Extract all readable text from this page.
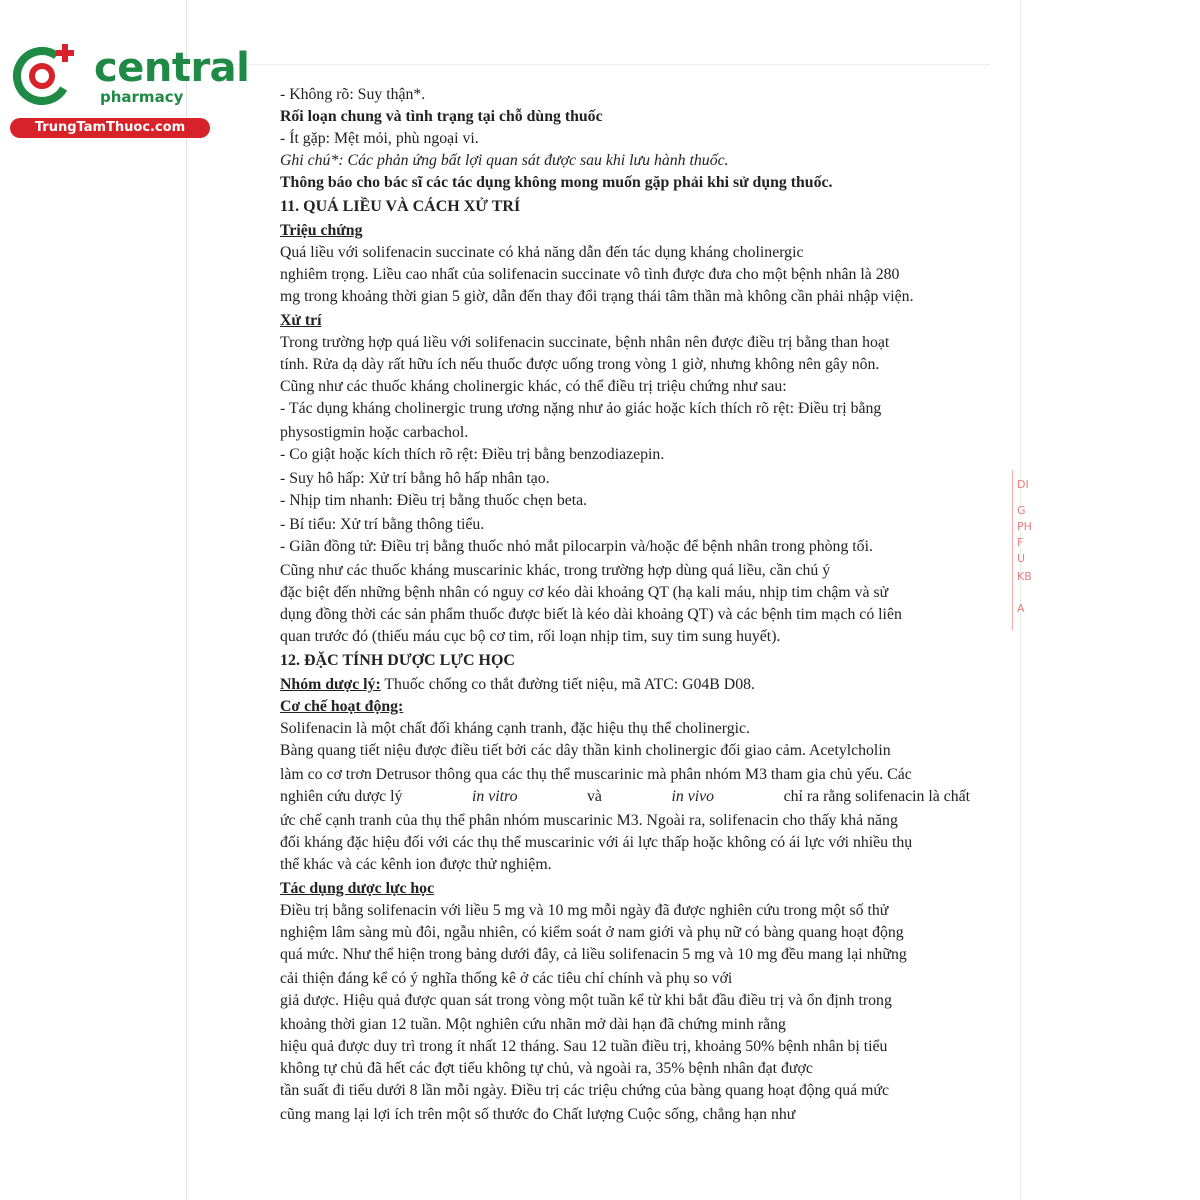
central
pharmacy
TrungTamThuoc.com
DI
G
PH
F
U
KB
A
- Không rõ: Suy thận*.
Rối loạn chung và tình trạng tại chỗ dùng thuốc
- Ít gặp: Mệt mỏi, phù ngoại vi.
Ghi chú*: Các phản ứng bất lợi quan sát được sau khi lưu hành thuốc.
Thông báo cho bác sĩ các tác dụng không mong muốn gặp phải khi sử dụng thuốc.
11. QUÁ LIỀU VÀ CÁCH XỬ TRÍ
Triệu chứng
Quá liều với solifenacin succinate có khả năng dẫn đến tác dụng kháng cholinergic
nghiêm trọng. Liều cao nhất của solifenacin succinate vô tình được đưa cho một bệnh nhân là 280
mg trong khoảng thời gian 5 giờ, dẫn đến thay đổi trạng thái tâm thần mà không cần phải nhập viện.
Xử trí
Trong trường hợp quá liều với solifenacin succinate, bệnh nhân nên được điều trị bằng than hoạt
tính. Rửa dạ dày rất hữu ích nếu thuốc được uống trong vòng 1 giờ, nhưng không nên gây nôn.
Cũng như các thuốc kháng cholinergic khác, có thể điều trị triệu chứng như sau:
- Tác dụng kháng cholinergic trung ương nặng như ảo giác hoặc kích thích rõ rệt: Điều trị bằng
physostigmin hoặc carbachol.
- Co giật hoặc kích thích rõ rệt: Điều trị bằng benzodiazepin.
- Suy hô hấp: Xử trí bằng hô hấp nhân tạo.
- Nhịp tim nhanh: Điều trị bằng thuốc chẹn beta.
- Bí tiểu: Xử trí bằng thông tiểu.
- Giãn đồng tử: Điều trị bằng thuốc nhỏ mắt pilocarpin và/hoặc để bệnh nhân trong phòng tối.
Cũng như các thuốc kháng muscarinic khác, trong trường hợp dùng quá liều, cần chú ý
đặc biệt đến những bệnh nhân có nguy cơ kéo dài khoảng QT (hạ kali máu, nhịp tim chậm và sử
dụng đồng thời các sản phẩm thuốc được biết là kéo dài khoảng QT) và các bệnh tim mạch có liên
quan trước đó (thiếu máu cục bộ cơ tim, rối loạn nhịp tim, suy tim sung huyết).
12. ĐẶC TÍNH DƯỢC LỰC HỌC
Nhóm dược lý: Thuốc chống co thắt đường tiết niệu, mã ATC: G04B D08.
Cơ chế hoạt động:
Solifenacin là một chất đối kháng cạnh tranh, đặc hiệu thụ thể cholinergic.
Bàng quang tiết niệu được điều tiết bởi các dây thần kinh cholinergic đối giao cảm. Acetylcholin
làm co cơ trơn Detrusor thông qua các thụ thể muscarinic mà phân nhóm M3 tham gia chủ yếu. Các
nghiên cứu dược lý	in vitro	và	in vivo	chỉ ra rằng solifenacin là chất
ức chế cạnh tranh của thụ thể phân nhóm muscarinic M3. Ngoài ra, solifenacin cho thấy khả năng
đối kháng đặc hiệu đối với các thụ thể muscarinic với ái lực thấp hoặc không có ái lực với nhiều thụ
thể khác và các kênh ion được thử nghiệm.
Tác dụng dược lực học
Điều trị bằng solifenacin với liều 5 mg và 10 mg mỗi ngày đã được nghiên cứu trong một số thử
nghiệm lâm sàng mù đôi, ngẫu nhiên, có kiểm soát ở nam giới và phụ nữ có bàng quang hoạt động
quá mức. Như thể hiện trong bảng dưới đây, cả liều solifenacin 5 mg và 10 mg đều mang lại những
cải thiện đáng kể có ý nghĩa thống kê ở các tiêu chí chính và phụ so với
giả dược. Hiệu quả được quan sát trong vòng một tuần kể từ khi bắt đầu điều trị và ổn định trong
khoảng thời gian 12 tuần. Một nghiên cứu nhãn mở dài hạn đã chứng minh rằng
hiệu quả được duy trì trong ít nhất 12 tháng. Sau 12 tuần điều trị, khoảng 50% bệnh nhân bị tiểu
không tự chủ đã hết các đợt tiểu không tự chủ, và ngoài ra, 35% bệnh nhân đạt được
tần suất đi tiểu dưới 8 lần mỗi ngày. Điều trị các triệu chứng của bàng quang hoạt động quá mức
cũng mang lại lợi ích trên một số thước đo Chất lượng Cuộc sống, chẳng hạn như
